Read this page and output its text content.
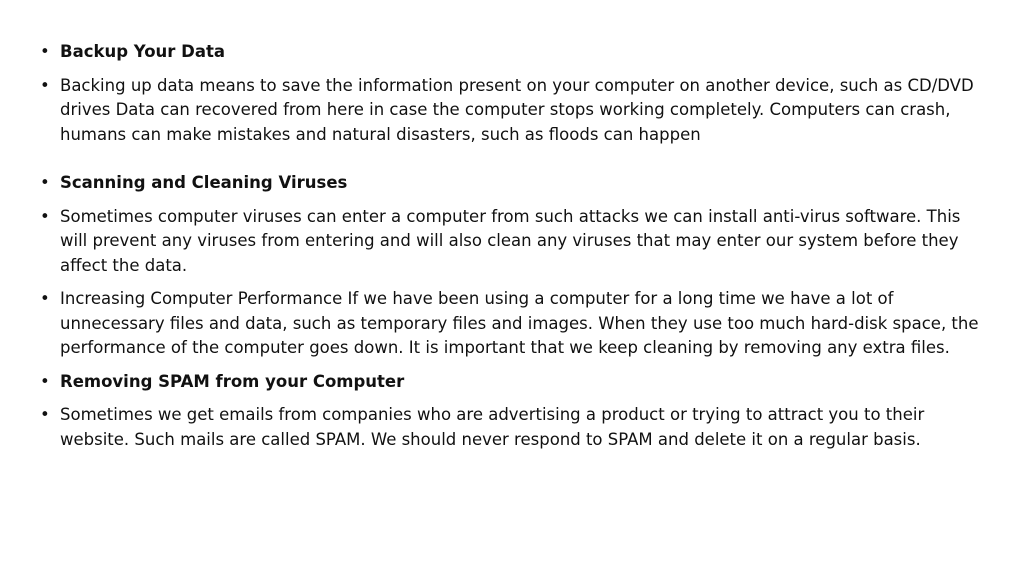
• Backup Your Data
• Backing up data means to save the information present on your computer on another device, such as CD/DVD drives Data can recovered from here in case the computer stops working completely. Computers can crash, humans can make mistakes and natural disasters, such as floods can happen
• Scanning and Cleaning Viruses
• Sometimes computer viruses can enter a computer from such attacks we can install anti-virus software. This will prevent any viruses from entering and will also clean any viruses that may enter our system before they affect the data.
• Increasing Computer Performance If we have been using a computer for a long time we have a lot of unnecessary files and data, such as temporary files and images. When they use too much hard-disk space, the performance of the computer goes down. It is important that we keep cleaning by removing any extra files.
• Removing SPAM from your Computer
• Sometimes we get emails from companies who are advertising a product or trying to attract you to their website. Such mails are called SPAM. We should never respond to SPAM and delete it on a regular basis.
